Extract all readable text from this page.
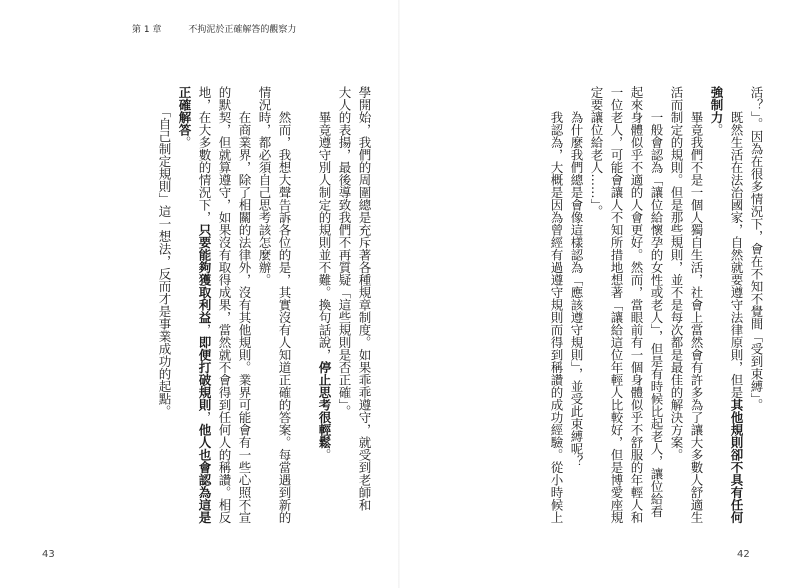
第 1 章	不拘泥於正確解答的觀察力
活？」。因為在很多情況下，會在不知不覺間「受到束縛」。
　　既然生活在法治國家，自然就要遵守法律原則，但是其他規則卻不具有任何
強制力。
　　畢竟我們不是一個人獨自生活，社會上當然會有許多為了讓大多數人舒適生
活而制定的規則。但是那些規則，並不是每次都是最佳的解決方案。
　　一般會認為「讓位給懷孕的女性或老人」，但是有時候比起老人，讓位給看
起來身體似乎不適的人會更好。然而，當眼前有一個身體似乎不舒服的年輕人和
一位老人，可能會讓人不知所措地想著「讓給這位年輕人比較好，但是博愛座規
定要讓位給老人……」。
　　為什麼我們總是會像這樣認為「應該遵守規則」，並受此束縛呢？
　　我認為，大概是因為曾經有過遵守規則而得到稱讚的成功經驗。從小時候上
學開始，我們的周圍總是充斥著各種規章制度。如果乖乖遵守，就受到老師和
大人的表揚，最後導致我們不再質疑「這些規則是否正確」。
　　畢竟遵守別人制定的規則並不難。換句話說，停止思考很輕鬆。
　　然而，我想大聲告訴各位的是，其實沒有人知道正確的答案。每當遇到新的
情況時，都必須自己思考該怎麼辦。
　　在商業界，除了相關的法律外，沒有其他規則。業界可能會有一些心照不宣
的默契，但就算遵守，如果沒有取得成果，當然就不會得到任何人的稱讚。相反
地，在大多數的情況下，只要能夠獲取利益，即便打破規則，他人也會認為這是
正確解答。
　　「自己制定規則」這一想法，反而才是事業成功的起點。
43	42
